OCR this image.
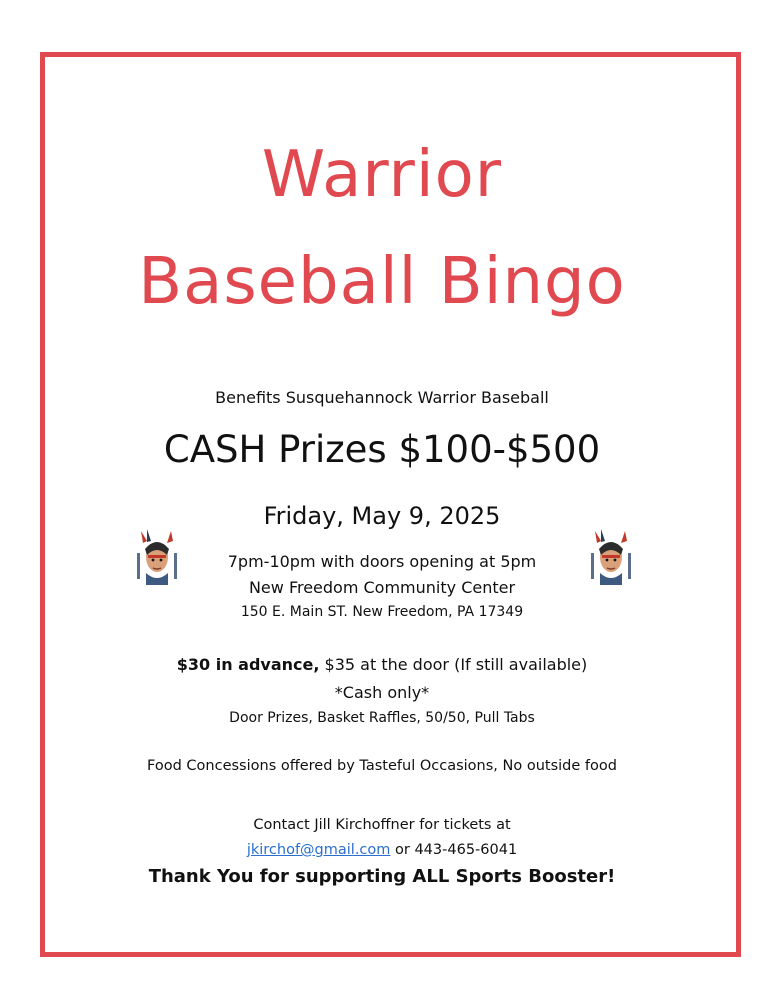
Warrior
Baseball Bingo
Benefits Susquehannock Warrior Baseball
CASH Prizes $100-$500
Friday, May 9, 2025
7pm-10pm with doors opening at 5pm
New Freedom Community Center
150 E. Main ST. New Freedom, PA 17349
$30 in advance, $35 at the door (If still available)
*Cash only*
Door Prizes, Basket Raffles, 50/50, Pull Tabs
Food Concessions offered by Tasteful Occasions, No outside food
Contact Jill Kirchoffner for tickets at
jkirchof@gmail.com or 443-465-6041
Thank You for supporting ALL Sports Booster!
